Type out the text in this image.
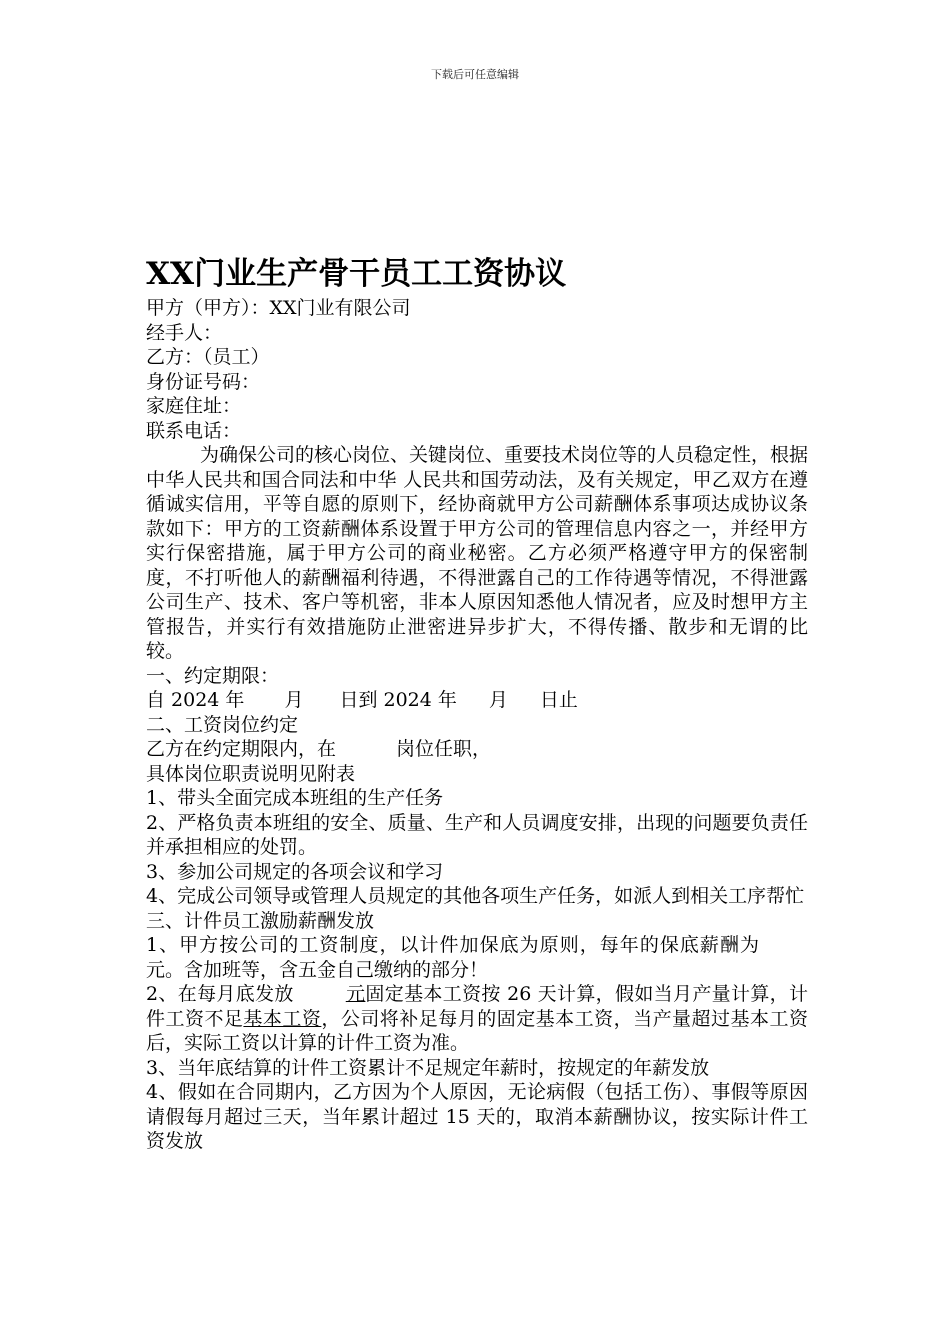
下载后可任意编辑
XX门业生产骨干员工工资协议

甲方（甲方）：XX门业有限公司

经手人：

乙方：（员工）

身份证号码：

家庭住址：

联系电话：

为确保公司的核心岗位、关键岗位、重要技术岗位等的人员稳定性，根据中华人民共和国合同法和中华 人民共和国劳动法，及有关规定，甲乙双方在遵循诚实信用，平等自愿的原则下，经协商就甲方公司薪酬体系事项达成协议条款如下：甲方的工资薪酬体系设置于甲方公司的管理信息内容之一，并经甲方实行保密措施，属于甲方公司的商业秘密。乙方必须严格遵守甲方的保密制度，不打听他人的薪酬福利待遇，不得泄露自己的工作待遇等情况，不得泄露公司生产、技术、客户等机密，非本人原因知悉他人情况者，应及时想甲方主管报告，并实行有效措施防止泄密进异步扩大，不得传播、散步和无谓的比较。

一、约定期限：

自 2024 年 月 日到 2024 年 月 日止

二、工资岗位约定

乙方在约定期限内，在	岗位任职，

具体岗位职责说明见附表

1、带头全面完成本班组的生产任务

2、严格负责本班组的安全、质量、生产和人员调度安排，出现的问题要负责任并承担相应的处罚。

3、参加公司规定的各项会议和学习

4、完成公司领导或管理人员规定的其他各项生产任务，如派人到相关工序帮忙

三、计件员工激励薪酬发放

1、甲方按公司的工资制度，以计件加保底为原则，每年的保底薪酬为元。含加班等，含五金自己缴纳的部分！

2、在每月底发放	元固定基本工资按 26 天计算，假如当月产量计算，计件工资不足基本工资，公司将补足每月的固定基本工资，当产量超过基本工资后，实际工资以计算的计件工资为准。

3、当年底结算的计件工资累计不足规定年薪时，按规定的年薪发放

4、假如在合同期内，乙方因为个人原因，无论病假（包括工伤）、事假等原因请假每月超过三天，当年累计超过 15 天的，取消本薪酬协议，按实际计件工资发放
